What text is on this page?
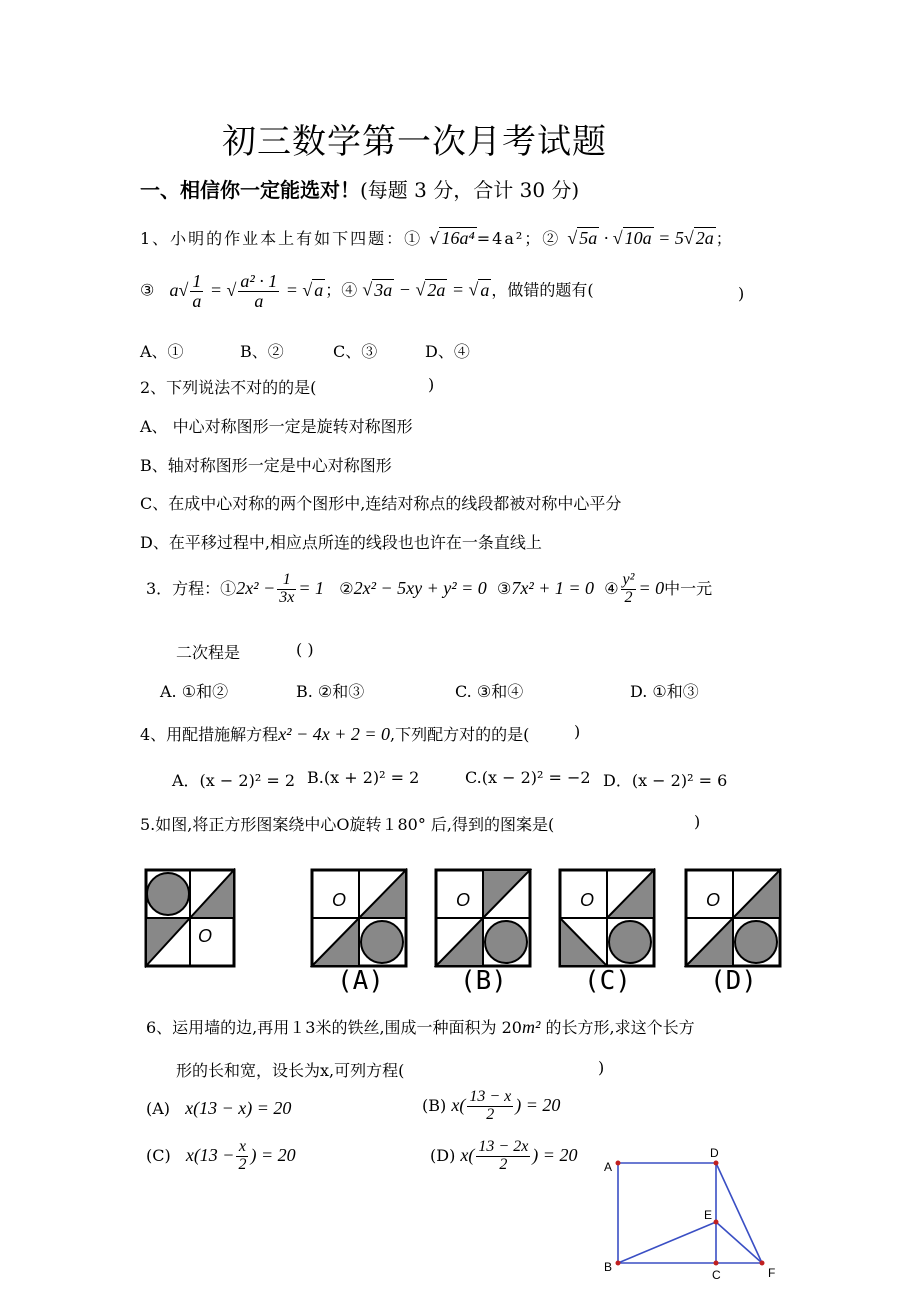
初三数学第一次月考试题
一、相信你一定能选对！(每题 3 分，合计 30 分)
1、小明的作业本上有如下四题：① √ 16a⁴ =4a²；② √ 5a · √ 10a = 5√ 2a ；
③ $a√ \frac{1}{a}$ = √ $\frac{\text{a² · 1}}{a}$ = √ a ；④ √ 3a − √ 2a = √ a ，做错的题有(	)
A、①	B、②	C、③	D、④
2、下列说法不对的的是(	)
A、 中心对称图形一定是旋转对称图形
B、轴对称图形一定是中心对称图形
C、在成中心对称的两个图形中,连结对称点的线段都被对称中心平分
D、在平移过程中,相应点所连的线段也也许在一条直线上
3．方程：①2x² − $\frac{1}{3x} = 1$   ②2x² − 5xy + y² = 0  ③7x² + 1 = 0  ④ $\frac{\text{y²}}{2} = 0$中一元
二次程是	( )
A. ①和②	B. ②和③	C. ③和④	D. ①和③
4、用配措施解方程x² − 4x + 2 = 0,下列配方对的的是(	)
A．(x − 2)² = 2 B.(x + 2)² = 2	C.(x − 2)² = −2 D．(x − 2)² = 6
5.如图,将正方形图案绕中心O旋转１80° 后,得到的图案是(	)
O
O	O	O	O
(A)	(B)	(C)	(D)
6、运用墙的边,再用１3米的铁丝,围成一种面积为 20m² 的长方形,求这个长方
形的长和宽，设长为x,可列方程(	)
(A) x(13 − x) = 20	(B) $x( \frac{13 - x}{2}$ ) = 20
(C) $x(13 - \frac{x}{2}$ ) = 20	(D) $x( \frac{13 - 2x}{2}$ ) = 20
A
D
E
B
C	F
